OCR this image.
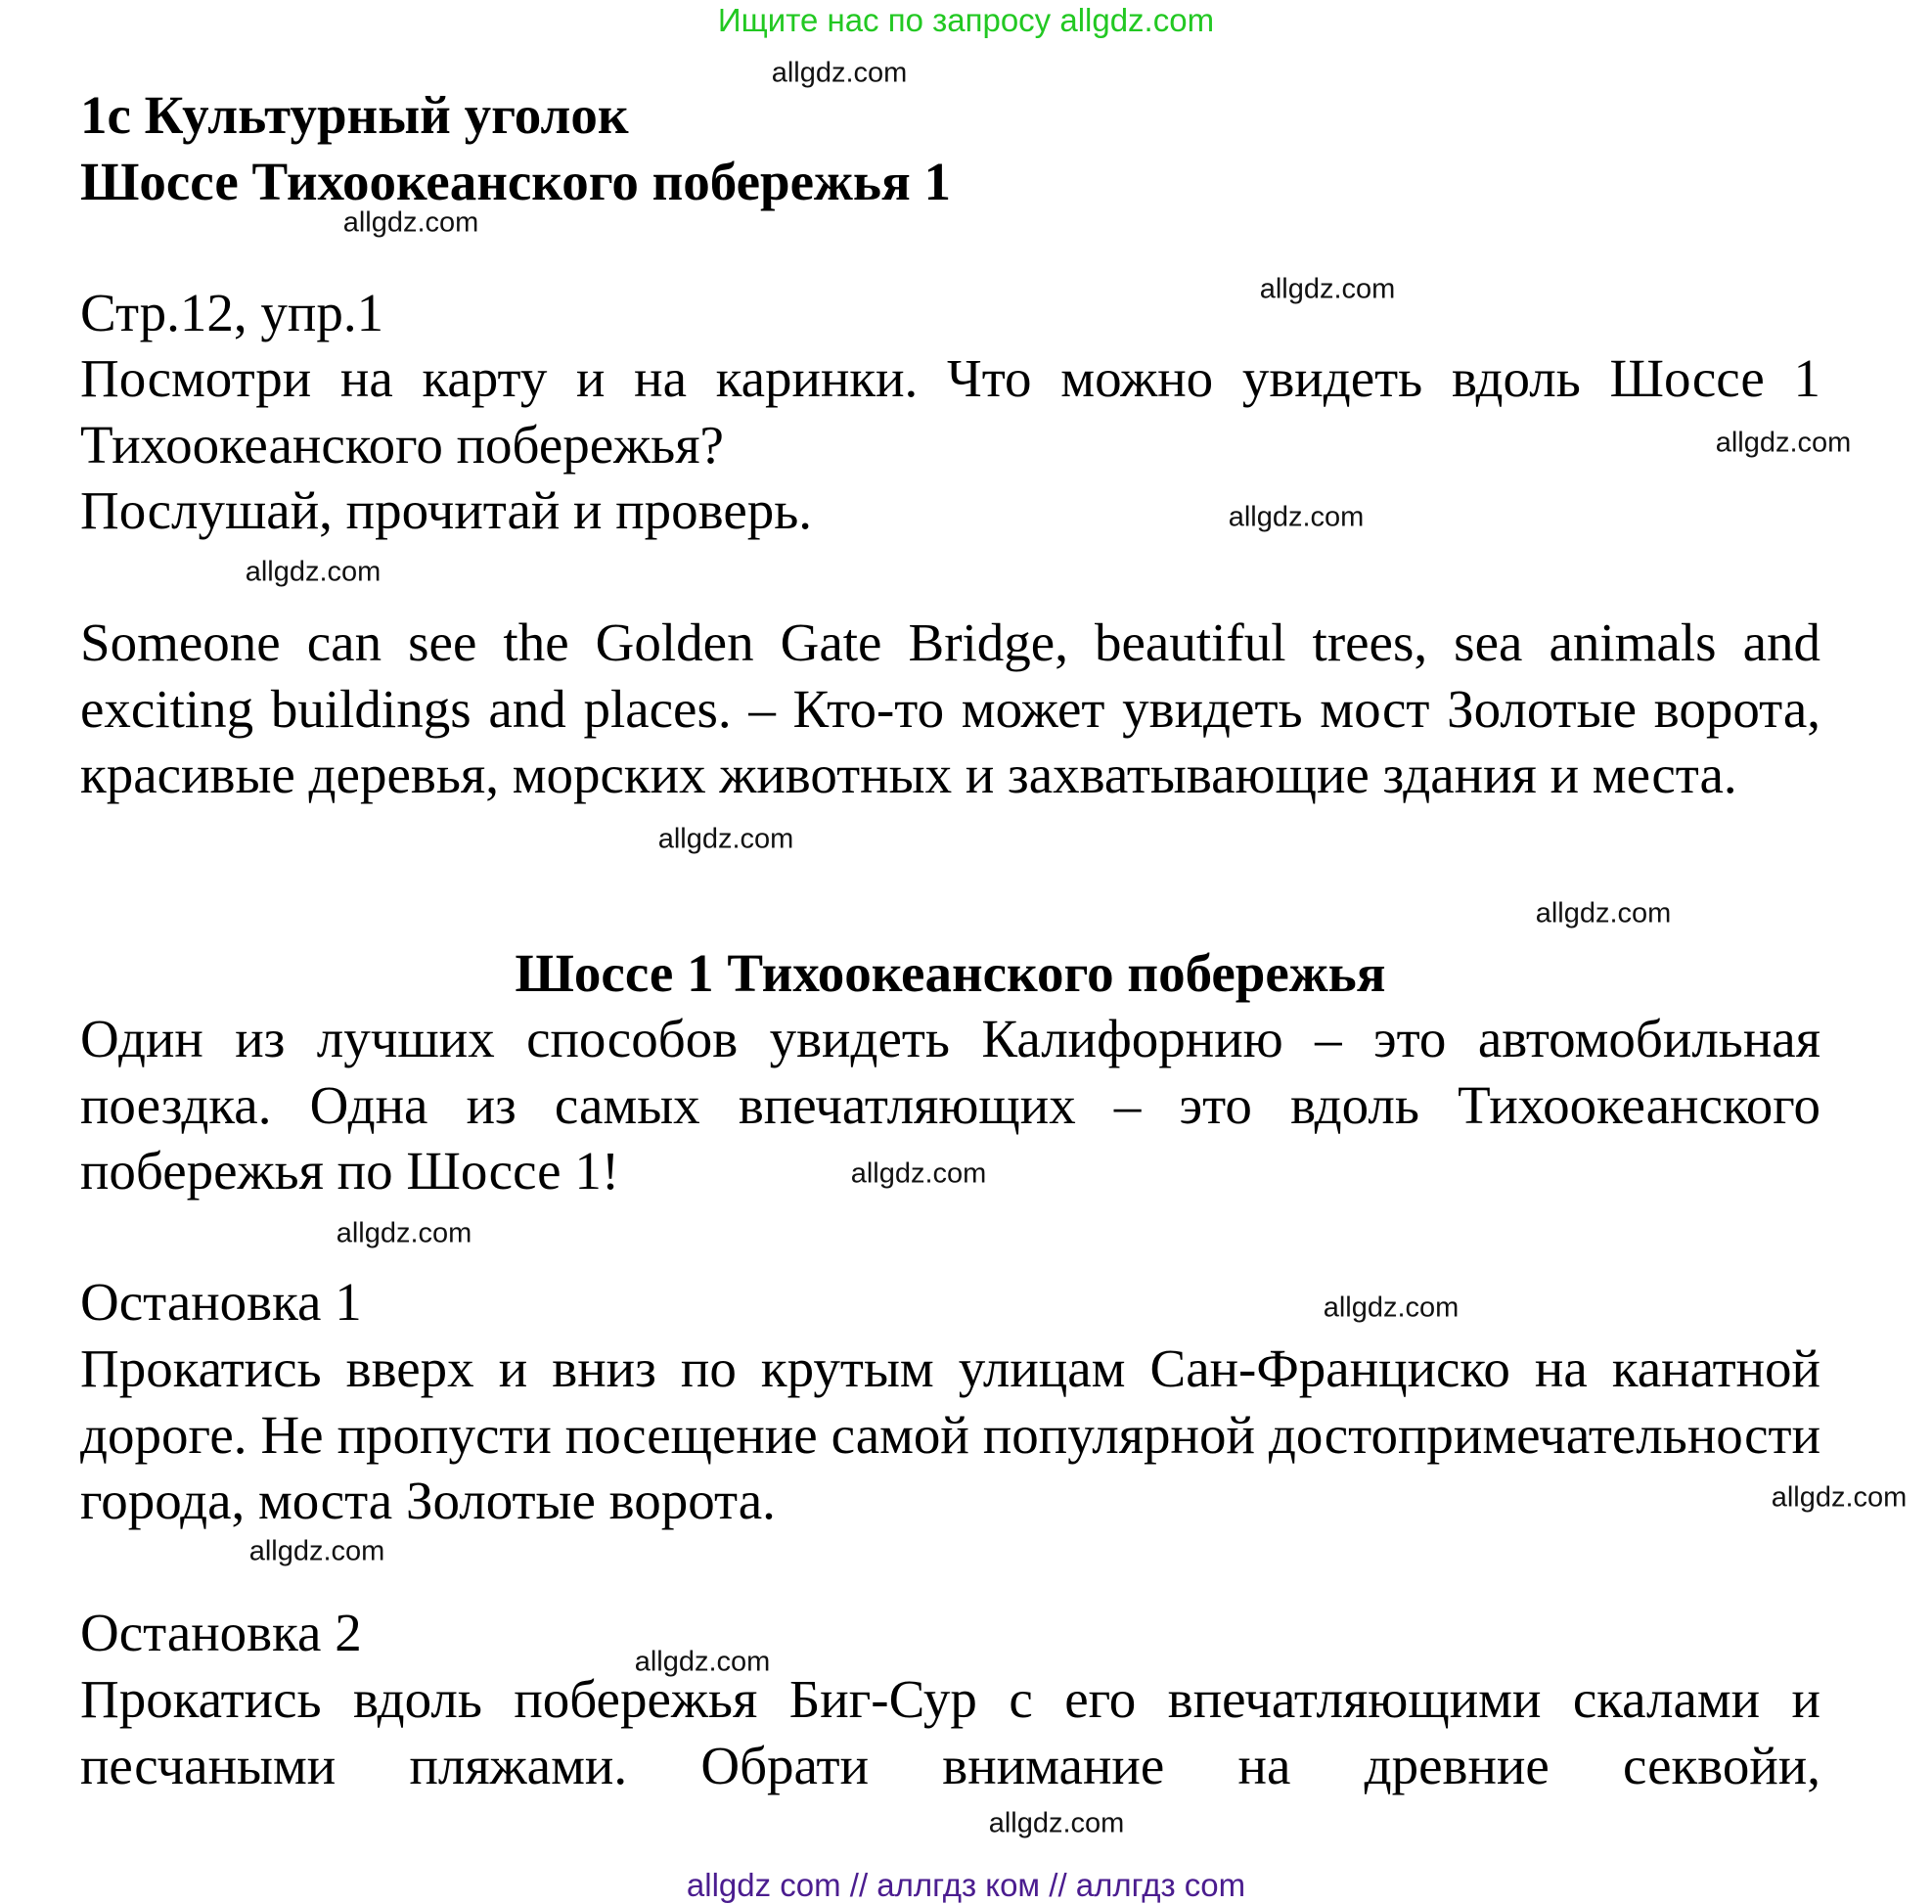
Ищите нас по запросу allgdz.com

1c Культурный уголок

Шоссе Тихоокеанского побережья 1

Стр.12, упр.1

Посмотри на карту и на каринки. Что можно увидеть вдоль Шоссе 1 Тихоокеанского побережья?

Послушай, прочитай и проверь.

Someone can see the Golden Gate Bridge, beautiful trees, sea animals and exciting buildings and places. – Кто-то может увидеть мост Золотые ворота, красивые деревья, морских животных и захватывающие здания и места.

Шоссе 1 Тихоокеанского побережья

Один из лучших способов увидеть Калифорнию – это автомобильная поездка. Одна из самых впечатляющих – это вдоль Тихоокеанского побережья по Шоссе 1!

Остановка 1

Прокатись вверх и вниз по крутым улицам Сан-Франциско на канатной дороге. Не пропусти посещение самой популярной достопримечательности города, моста Золотые ворота.

Остановка 2

Прокатись вдоль побережья Биг-Сур с его впечатляющими скалами и песчаными пляжами. Обрати внимание на древние секвойи,

allgdz.com
allgdz.com
allgdz.com
allgdz.com
allgdz.com
allgdz.com
allgdz.com
allgdz.com
allgdz.com
allgdz.com
allgdz.com
allgdz.com
allgdz.com
allgdz.com
allgdz.com
allgdz com // аллгдз ком // аллгдз com
